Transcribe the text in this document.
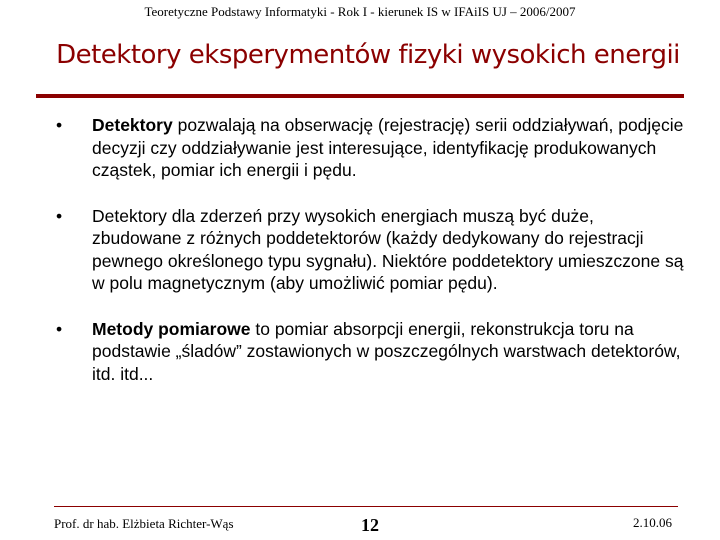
Teoretyczne Podstawy Informatyki - Rok I - kierunek IS w IFAiIS UJ – 2006/2007
Detektory eksperymentów fizyki wysokich energii
• Detektory pozwalają na obserwację (rejestrację) serii oddziaływań, podjęcie decyzji czy oddziaływanie jest interesujące, identyfikację produkowanych cząstek, pomiar ich energii i pędu.
• Detektory dla zderzeń przy wysokich energiach muszą być duże, zbudowane z różnych poddetektorów (każdy dedykowany do rejestracji pewnego określonego typu sygnału). Niektóre poddetektory umieszczone są w polu magnetycznym (aby umożliwić pomiar pędu).
• Metody pomiarowe to pomiar absorpcji energii, rekonstrukcja toru na podstawie „śladów” zostawionych w poszczególnych warstwach detektorów, itd. itd...
Prof. dr hab. Elżbieta Richter-Wąs	12	2.10.06
